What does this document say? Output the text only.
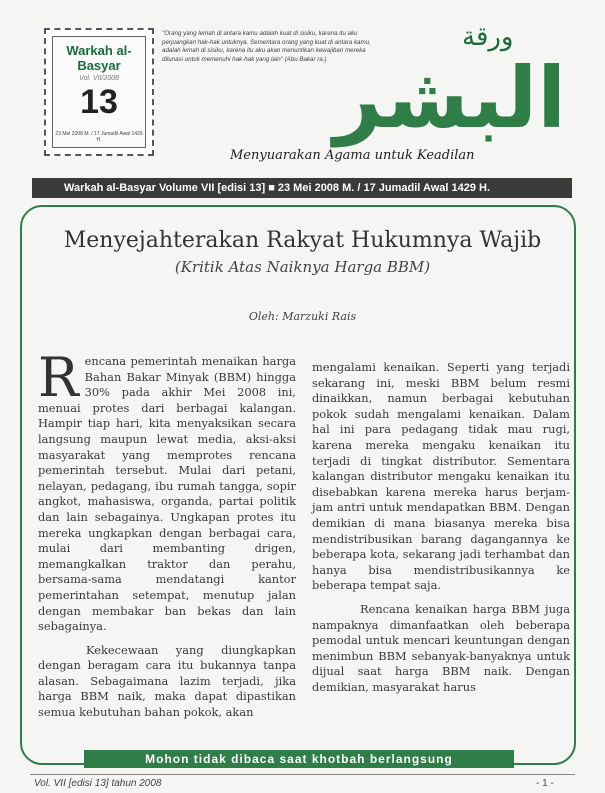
Warkah al-Basyar
Vol. VII/2008
13
23 Mei 2008 M. / 17 Jumadil Awal 1429 H.
"Orang yang lemah di antara kamu adalah kuat di sisiku, karena itu aku perjuangkan hak-hak untuknya. Sementara orang yang kuat di antara kamu, adalah lemah di sisiku, karena itu aku akan menuntikan kewajiban mereka dilunasi untuk memenuhi hak-hak yang lain" (Abu Bakar ra.)
ورقة
البشر
Menyuarakan Agama untuk Keadilan
Warkah al-Basyar Volume VII [edisi 13] ■ 23 Mei 2008 M. / 17 Jumadil Awal 1429 H.
Menyejahterakan Rakyat Hukumnya Wajib
(Kritik Atas Naiknya Harga BBM)
Oleh: Marzuki Rais

Rencana pemerintah menaikan harga Bahan Bakar Minyak (BBM) hingga 30% pada akhir Mei 2008 ini, menuai protes dari berbagai kalangan. Hampir tiap hari, kita menyaksikan secara langsung maupun lewat media, aksi-aksi masyarakat yang memprotes rencana pemerintah tersebut. Mulai dari petani, nelayan, pedagang, ibu rumah tangga, sopir angkot, mahasiswa, organda, partai politik dan lain sebagainya. Ungkapan protes itu mereka ungkapkan dengan berbagai cara, mulai dari membanting drigen, memangkalkan traktor dan perahu, bersama-sama mendatangi kantor pemerintahan setempat, menutup jalan dengan membakar ban bekas dan lain sebagainya.

Kekecewaan yang diungkapkan dengan beragam cara itu bukannya tanpa alasan. Sebagaimana lazim terjadi, jika harga BBM naik, maka dapat dipastikan semua kebutuhan bahan pokok, akan

mengalami kenaikan. Seperti yang terjadi sekarang ini, meski BBM belum resmi dinaikkan, namun berbagai kebutuhan pokok sudah mengalami kenaikan. Dalam hal ini para pedagang tidak mau rugi, karena mereka mengaku kenaikan itu terjadi di tingkat distributor. Sementara kalangan distributor mengaku kenaikan itu disebabkan karena mereka harus berjam-jam antri untuk mendapatkan BBM. Dengan demikian di mana biasanya mereka bisa mendistribusikan barang dagangannya ke beberapa kota, sekarang jadi terhambat dan hanya bisa mendistribusikannya ke beberapa tempat saja.

Rencana kenaikan harga BBM juga nampaknya dimanfaatkan oleh beberapa pemodal untuk mencari keuntungan dengan menimbun BBM sebanyak-banyaknya untuk dijual saat harga BBM naik. Dengan demikian, masyarakat harus

Mohon tidak dibaca saat khotbah berlangsung
Vol. VII [edisi 13] tahun 2008	- 1 -
